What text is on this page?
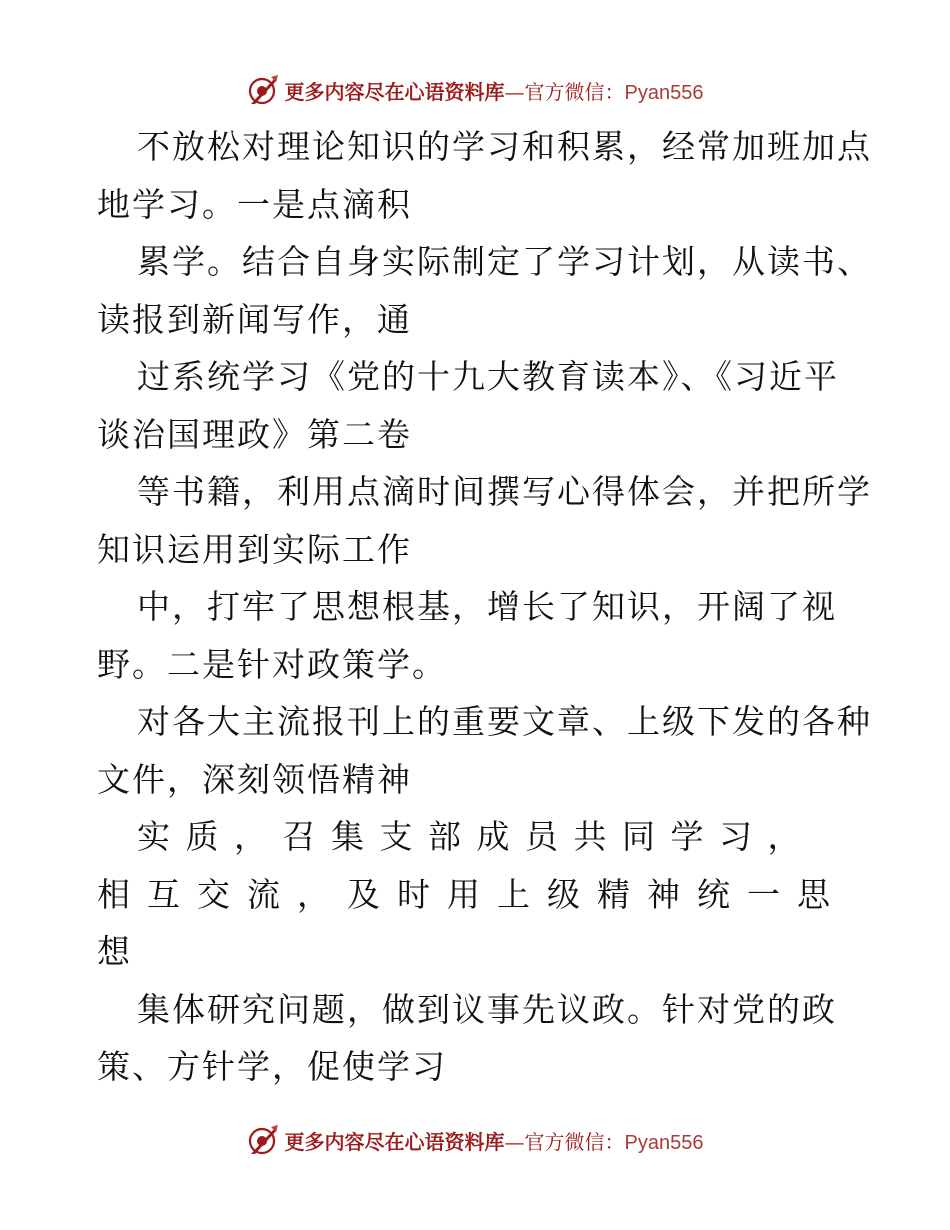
更多内容尽在心语资料库—官方微信：Pyan556
不放松对理论知识的学习和积累，经常加班加点
地学习。一是点滴积
累学。结合自身实际制定了学习计划，从读书、
读报到新闻写作，通
过系统学习《党的十九大教育读本》、《习近平
谈治国理政》第二卷
等书籍，利用点滴时间撰写心得体会，并把所学
知识运用到实际工作
中，打牢了思想根基，增长了知识，开阔了视
野。二是针对政策学。
对各大主流报刊上的重要文章、上级下发的各种
文件，深刻领悟精神
实质，召集支部成员共同学习，
相互交流，及时用上级精神统一思
想
集体研究问题，做到议事先议政。针对党的政
策、方针学，促使学习
更多内容尽在心语资料库—官方微信：Pyan556
